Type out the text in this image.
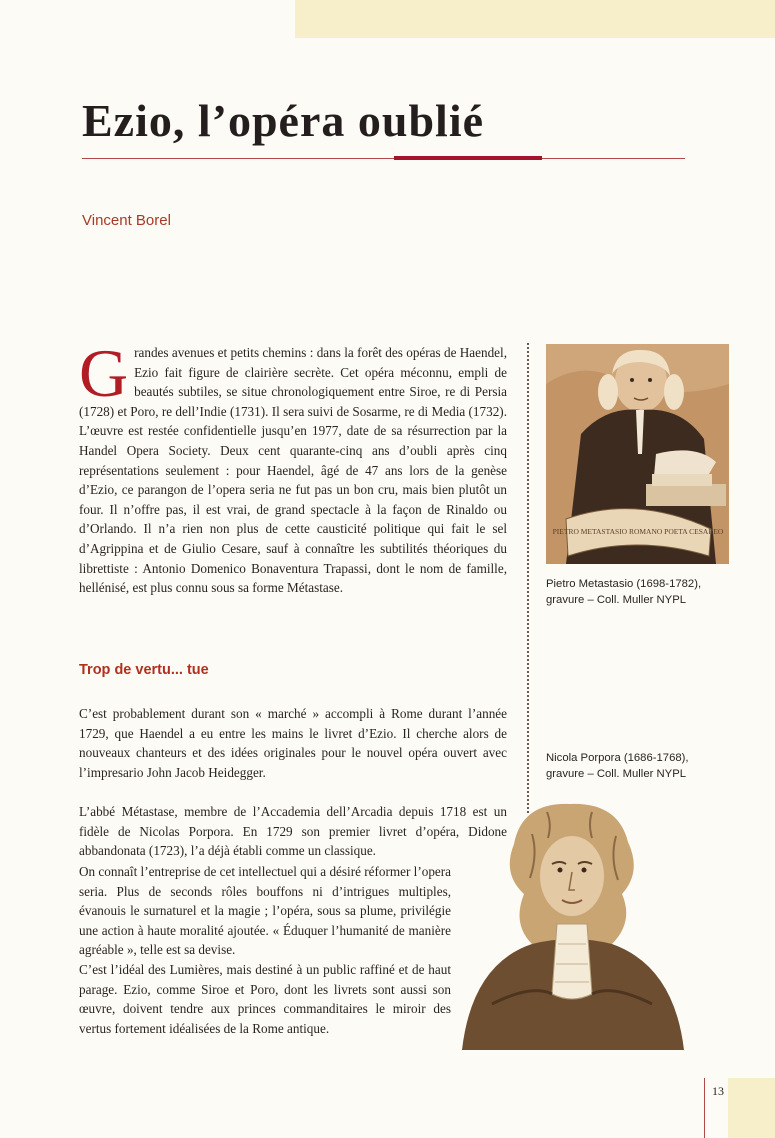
Ezio, l’opéra oublié
Vincent Borel

Grandes avenues et petits chemins : dans la forêt des opéras de Haendel, Ezio fait figure de clairière secrète. Cet opéra méconnu, empli de beautés subtiles, se situe chronologiquement entre Siroe, re di Persia (1728) et Poro, re dell’Indie (1731). Il sera suivi de Sosarme, re di Media (1732). L’œuvre est restée confidentielle jusqu’en 1977, date de sa résurrection par la Handel Opera Society. Deux cent quarante-cinq ans d’oubli après cinq représentations seulement : pour Haendel, âgé de 47 ans lors de la genèse d’Ezio, ce parangon de l’opera seria ne fut pas un bon cru, mais bien plutôt un four. Il n’offre pas, il est vrai, de grand spectacle à la façon de Rinaldo ou d’Orlando. Il n’a rien non plus de cette causticité politique qui fait le sel d’Agrippina et de Giulio Cesare, sauf à connaître les subtilités théoriques du librettiste : Antonio Domenico Bonaventura Trapassi, dont le nom de famille, hellénisé, est plus connu sous sa forme Métastase.

PIETRO METASTASIO ROMANO POETA CESAREO
Pietro Metastasio (1698-1782),
gravure – Coll. Muller NYPL
Trop de vertu... tue

C’est probablement durant son « marché » accompli à Rome durant l’année 1729, que Haendel a eu entre les mains le livret d’Ezio. Il cherche alors de nouveaux chanteurs et des idées originales pour le nouvel opéra ouvert avec l’impresario John Jacob Heidegger.

Nicola Porpora (1686-1768),
gravure – Coll. Muller NYPL

L’abbé Métastase, membre de l’Accademia dell’Arcadia depuis 1718 est un fidèle de Nicolas Porpora. En 1729 son premier livret d’opéra, Didone abbandonata (1723), l’a déjà établi comme un classique.

On connaît l’entreprise de cet intellectuel qui a désiré réformer l’opera seria. Plus de seconds rôles bouffons ni d’intrigues multiples, évanouis le surnaturel et la magie ; l’opéra, sous sa plume, privilégie une action à haute moralité ajoutée. « Éduquer l’humanité de manière agréable », telle est sa devise.

C’est l’idéal des Lumières, mais destiné à un public raffiné et de haut parage. Ezio, comme Siroe et Poro, dont les livrets sont aussi son œuvre, doivent tendre aux princes commanditaires le miroir des vertus fortement idéalisées de la Rome antique.

13
